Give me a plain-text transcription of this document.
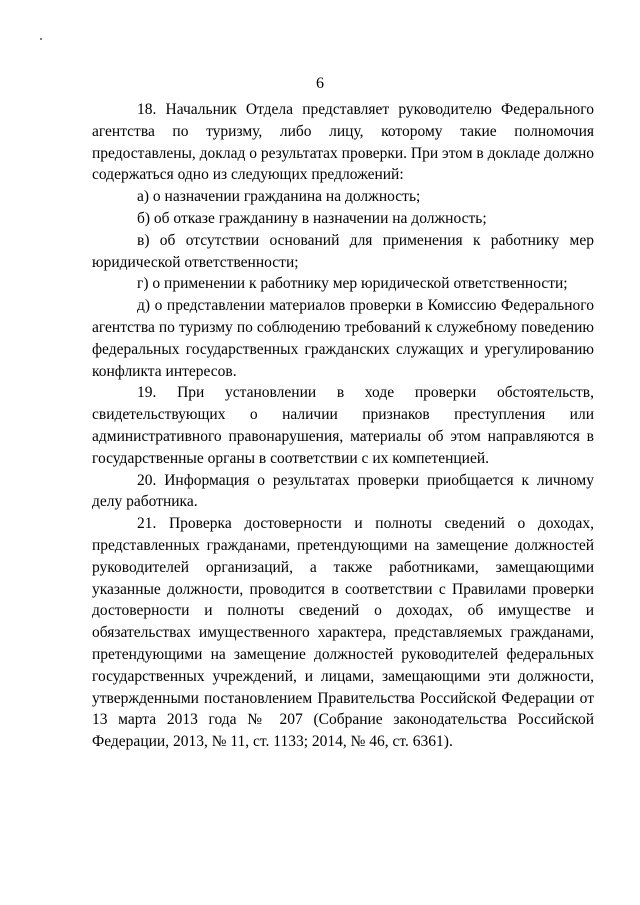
6

18. Начальник Отдела представляет руководителю Федерального агентства по туризму, либо лицу, которому такие полномочия предоставлены, доклад о результатах проверки. При этом в докладе должно содержаться одно из следующих предложений:

а) о назначении гражданина на должность;

б) об отказе гражданину в назначении на должность;

в) об отсутствии оснований для применения к работнику мер юридической ответственности;

г) о применении к работнику мер юридической ответственности;

д) о представлении материалов проверки в Комиссию Федерального агентства по туризму по соблюдению требований к служебному поведению федеральных государственных гражданских служащих и урегулированию конфликта интересов.

19. При установлении в ходе проверки обстоятельств, свидетельствующих о наличии признаков преступления или административного правонарушения, материалы об этом направляются в государственные органы в соответствии с их компетенцией.

20. Информация о результатах проверки приобщается к личному делу работника.

21. Проверка достоверности и полноты сведений о доходах, представленных гражданами, претендующими на замещение должностей руководителей организаций, а также работниками, замещающими указанные должности, проводится в соответствии с Правилами проверки достоверности и полноты сведений о доходах, об имуществе и обязательствах имущественного характера, представляемых гражданами, претендующими на замещение должностей руководителей федеральных государственных учреждений, и лицами, замещающими эти должности, утвержденными постановлением Правительства Российской Федерации от 13 марта 2013 года № 207 (Собрание законодательства Российской Федерации, 2013, № 11, ст. 1133; 2014, № 46, ст. 6361).
